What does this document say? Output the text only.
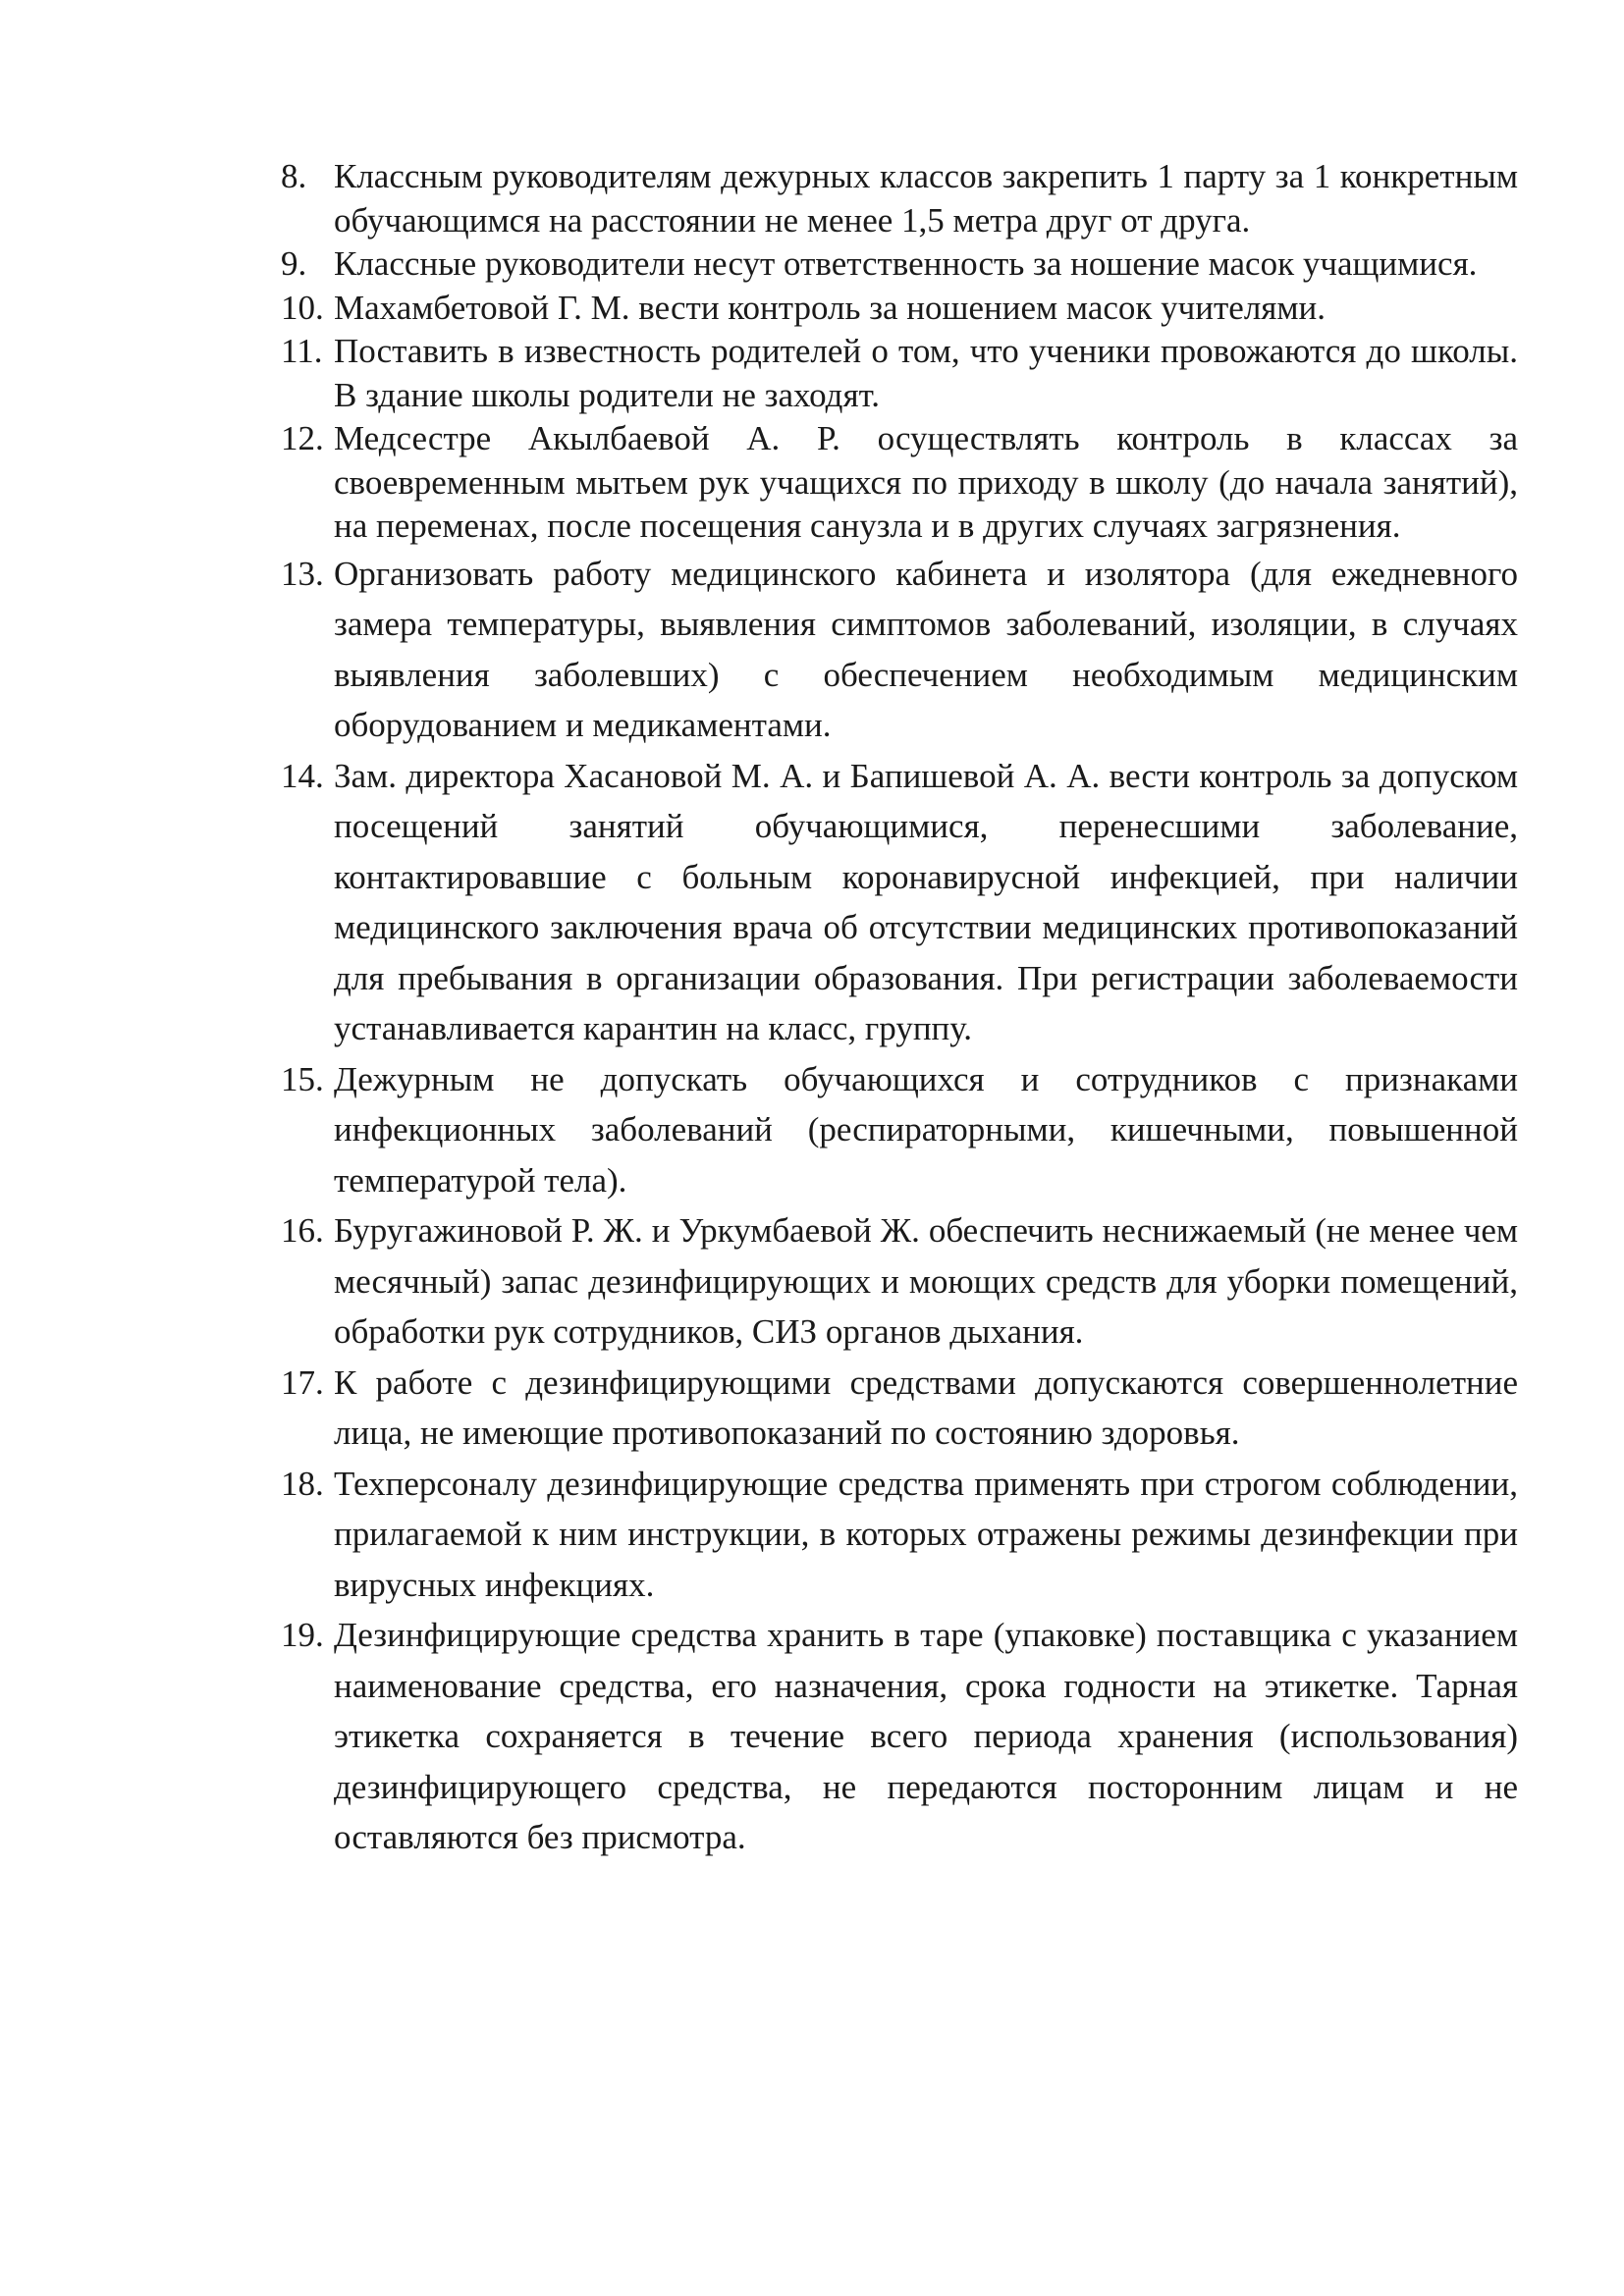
8. Классным руководителям дежурных классов закрепить 1 парту за 1 конкретным обучающимся на расстоянии не менее 1,5 метра друг от друга.
9. Классные руководители несут ответственность за ношение масок учащимися.
10. Махамбетовой Г. М. вести контроль за ношением масок учителями.
11. Поставить в известность родителей о том, что ученики провожаются до школы. В здание школы родители не заходят.
12. Медсестре Акылбаевой А. Р. осуществлять контроль в классах за своевременным мытьем рук учащихся по приходу в школу (до начала занятий), на переменах, после посещения санузла и в других случаях загрязнения.
13. Организовать работу медицинского кабинета и изолятора (для ежедневного замера температуры, выявления симптомов заболеваний, изоляции, в случаях выявления заболевших) с обеспечением необходимым медицинским оборудованием и медикаментами.
14. Зам. директора Хасановой М. А. и Бапишевой А. А. вести контроль за допуском посещений занятий обучающимися, перенесшими заболевание, контактировавшие с больным коронавирусной инфекцией, при наличии медицинского заключения врача об отсутствии медицинских противопоказаний для пребывания в организации образования. При регистрации заболеваемости устанавливается карантин на класс, группу.
15. Дежурным не допускать обучающихся и сотрудников с признаками инфекционных заболеваний (респираторными, кишечными, повышенной температурой тела).
16. Буругажиновой Р. Ж. и Уркумбаевой Ж. обеспечить неснижаемый (не менее чем месячный) запас дезинфицирующих и моющих средств для уборки помещений, обработки рук сотрудников, СИЗ органов дыхания.
17. К работе с дезинфицирующими средствами допускаются совершеннолетние лица, не имеющие противопоказаний по состоянию здоровья.
18. Техперсоналу дезинфицирующие средства применять при строгом соблюдении, прилагаемой к ним инструкции, в которых отражены режимы дезинфекции при вирусных инфекциях.
19. Дезинфицирующие средства хранить в таре (упаковке) поставщика с указанием наименование средства, его назначения, срока годности на этикетке. Тарная этикетка сохраняется в течение всего периода хранения (использования) дезинфицирующего средства, не передаются посторонним лицам и не оставляются без присмотра.
